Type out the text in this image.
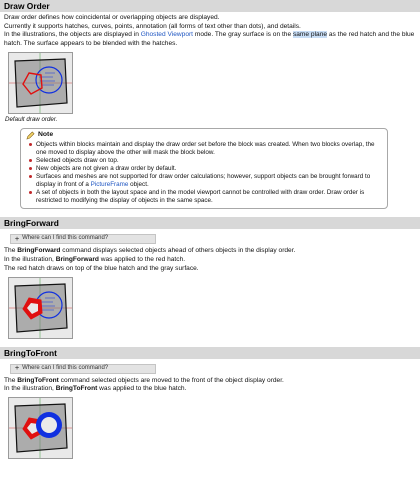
Draw Order

Draw order defines how coincidental or overlapping objects are displayed.

Currently it supports hatches, curves, points, annotation (all forms of text other than dots), and details.

In the illustrations, the objects are displayed in Ghosted Viewport mode. The gray surface is on the same plane as the red hatch and the blue hatch. The surface appears to be blended with the hatches.

Default draw order.

Note
Objects within blocks maintain and display the draw order set before the block was created. When two blocks overlap, the one moved to display above the other will mask the block below.
Selected objects draw on top.
New objects are not given a draw order by default.
Surfaces and meshes are not supported for draw order calculations; however, support objects can be brought forward to display in front of a PictureFrame object.
A set of objects in both the layout space and in the model viewport cannot be controlled with draw order. Draw order is restricted to modifying the display of objects in the same space.
BringForward
+ Where can I find this command?

The BringForward command displays selected objects ahead of others objects in the display order.

In the illustration, BringForward was applied to the red hatch.

The red hatch draws on top of the blue hatch and the gray surface.

BringToFront
+ Where can I find this command?

The BringToFront command selected objects are moved to the front of the object display order.

In the illustration, BringToFront was applied to the blue hatch.
